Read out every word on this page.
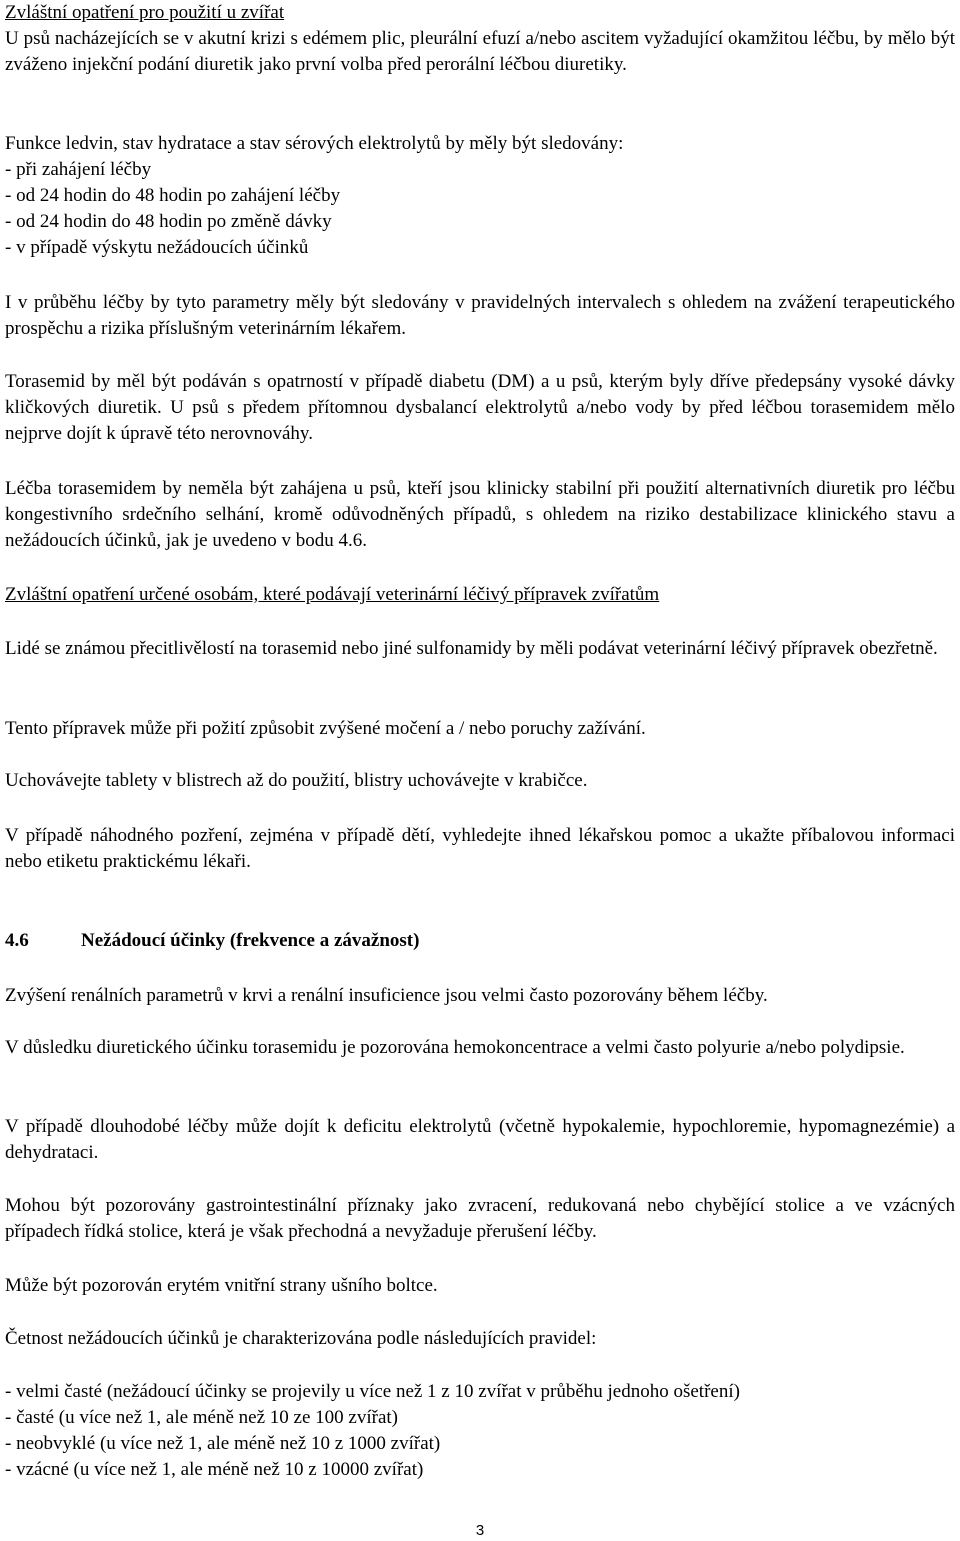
Zvláštní opatření pro použití u zvířat

U psů nacházejících se v akutní krizi s edémem plic, pleurální efuzí a/nebo ascitem vyžadující okamžitou léčbu, by mělo být zváženo injekční podání diuretik jako první volba před perorální léčbou diuretiky.

Funkce ledvin, stav hydratace a stav sérových elektrolytů by měly být sledovány:
- při zahájení léčby
- od 24 hodin do 48 hodin po zahájení léčby
- od 24 hodin do 48 hodin po změně dávky
- v případě výskytu nežádoucích účinků

I v průběhu léčby by tyto parametry měly být sledovány v pravidelných intervalech s ohledem na zvážení terapeutického prospěchu a rizika příslušným veterinárním lékařem.

Torasemid by měl být podáván s opatrností v případě diabetu (DM) a u psů, kterým byly dříve předepsány vysoké dávky kličkových diuretik. U psů s předem přítomnou dysbalancí elektrolytů a/nebo vody by před léčbou torasemidem mělo nejprve dojít k úpravě této nerovnováhy.

Léčba torasemidem by neměla být zahájena u psů, kteří jsou klinicky stabilní při použití alternativních diuretik pro léčbu kongestivního srdečního selhání, kromě odůvodněných případů, s ohledem na riziko destabilizace klinického stavu a nežádoucích účinků, jak je uvedeno v bodu 4.6.

Zvláštní opatření určené osobám, které podávají veterinární léčivý přípravek zvířatům

Lidé se známou přecitlivělostí na torasemid nebo jiné sulfonamidy by měli podávat veterinární léčivý přípravek obezřetně.

Tento přípravek může při požití způsobit zvýšené močení a / nebo poruchy zažívání.

Uchovávejte tablety v blistrech až do použití, blistry uchovávejte v krabičce.

V případě náhodného pozření, zejména v případě dětí, vyhledejte ihned lékařskou pomoc a ukažte příbalovou informaci nebo etiketu praktickému lékaři.

4.6	Nežádoucí účinky (frekvence a závažnost)

Zvýšení renálních parametrů v krvi a renální insuficience jsou velmi často pozorovány během léčby.

V důsledku diuretického účinku torasemidu je pozorována hemokoncentrace a velmi často polyurie a/nebo polydipsie.

V případě dlouhodobé léčby může dojít k deficitu elektrolytů (včetně hypokalemie, hypochloremie, hypomagnezémie) a dehydrataci.

Mohou být pozorovány gastrointestinální příznaky jako zvracení, redukovaná nebo chybějící stolice a ve vzácných případech řídká stolice, která je však přechodná a nevyžaduje přerušení léčby.

Může být pozorován erytém vnitřní strany ušního boltce.

Četnost nežádoucích účinků je charakterizována podle následujících pravidel:

- velmi časté (nežádoucí účinky se projevily u více než 1 z 10 zvířat v průběhu jednoho ošetření)
- časté (u více než 1, ale méně než 10 ze 100 zvířat)
- neobvyklé (u více než 1, ale méně než 10 z 1000 zvířat)
- vzácné (u více než 1, ale méně než 10 z 10000 zvířat)
3
